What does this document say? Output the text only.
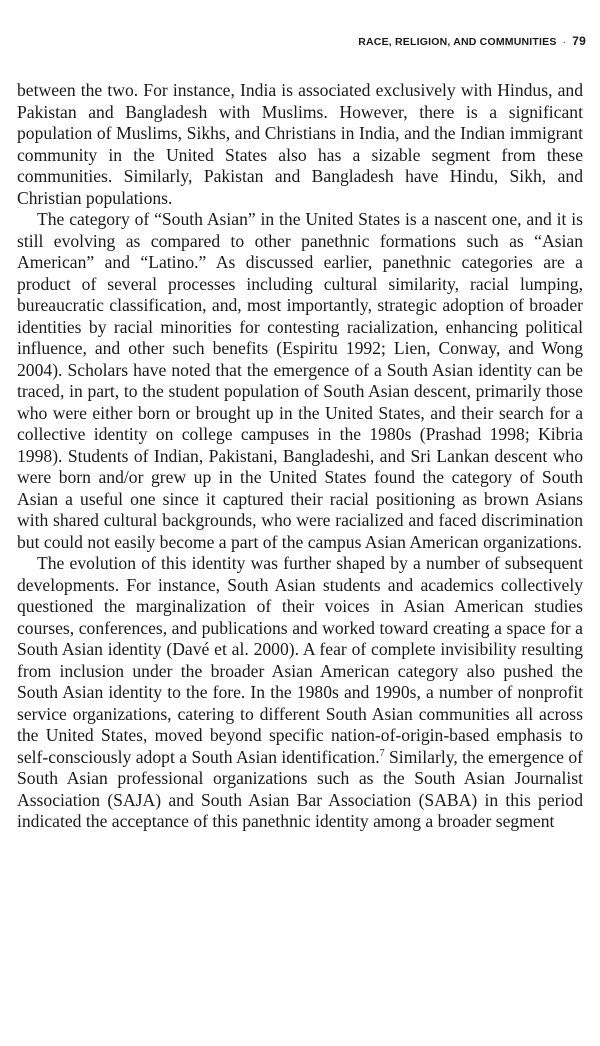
RACE, RELIGION, AND COMMUNITIES · 79

between the two. For instance, India is associated exclusively with Hindus, and Pakistan and Bangladesh with Muslims. However, there is a significant population of Muslims, Sikhs, and Christians in India, and the Indian immigrant community in the United States also has a sizable segment from these communities. Similarly, Pakistan and Bangladesh have Hindu, Sikh, and Christian populations.

The category of “South Asian” in the United States is a nascent one, and it is still evolving as compared to other panethnic formations such as “Asian American” and “Latino.” As discussed earlier, panethnic categories are a product of several processes including cultural similarity, racial lumping, bureaucratic classification, and, most importantly, strategic adoption of broader identities by racial minorities for contesting racialization, enhancing political influence, and other such benefits (Espiritu 1992; Lien, Conway, and Wong 2004). Scholars have noted that the emergence of a South Asian identity can be traced, in part, to the student population of South Asian descent, primarily those who were either born or brought up in the United States, and their search for a collective identity on college campuses in the 1980s (Prashad 1998; Kibria 1998). Students of Indian, Pakistani, Bangladeshi, and Sri Lankan descent who were born and/or grew up in the United States found the category of South Asian a useful one since it captured their racial positioning as brown Asians with shared cultural backgrounds, who were racialized and faced discrimination but could not easily become a part of the campus Asian American organizations.

The evolution of this identity was further shaped by a number of subsequent developments. For instance, South Asian students and academics collectively questioned the marginalization of their voices in Asian American studies courses, conferences, and publications and worked toward creating a space for a South Asian identity (Davé et al. 2000). A fear of complete invisibility resulting from inclusion under the broader Asian American category also pushed the South Asian identity to the fore. In the 1980s and 1990s, a number of nonprofit service organizations, catering to different South Asian communities all across the United States, moved beyond specific nation-of-origin-based emphasis to self-consciously adopt a South Asian identification.$^7$ Similarly, the emergence of South Asian professional organizations such as the South Asian Journalist Association (SAJA) and South Asian Bar Association (SABA) in this period indicated the acceptance of this panethnic identity among a broader segment
